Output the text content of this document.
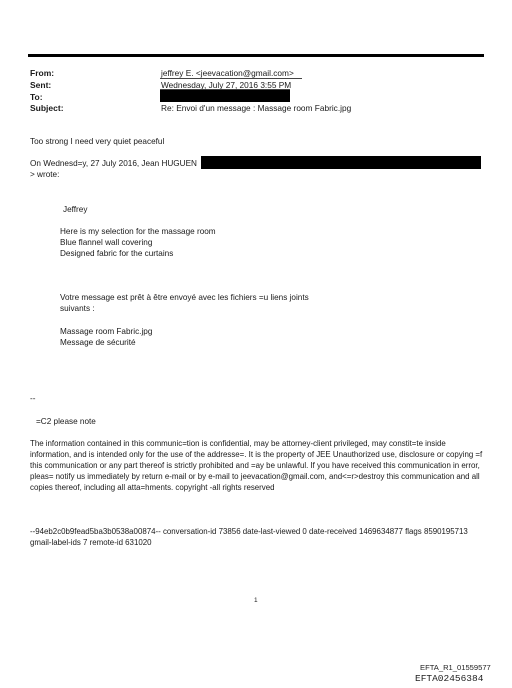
From:
Sent:
To:
Subject:
jeffrey E. <jeevacation@gmail.com>
Wednesday, July 27, 2016 3:55 PM
Re: Envoi d'un message : Massage room Fabric.jpg
Too strong I need very quiet peaceful
On Wednesd=y, 27 July 2016, Jean HUGUEN
> wrote:
Jeffrey
Here is my selection for the massage room
Blue flannel wall covering
Designed fabric for the curtains
Votre message est prêt à être envoyé avec les fichiers =u liens joints
suivants :
Massage room Fabric.jpg
Message de sécurité
--
=C2 please note
The information contained in this communic=tion is confidential, may be attorney-client privileged, may constit=te inside information, and is intended only for the use of the addresse=. It is the property of JEE Unauthorized use, disclosure or copying =f this communication or any part thereof is strictly prohibited and =ay be unlawful. If you have received this communication in error, pleas= notify us immediately by return e-mail or by e-mail to jeevacation@gmail.com, and<=r>destroy this communication and all copies thereof, including all atta=hments. copyright -all rights reserved
--94eb2c0b9fead5ba3b0538a00874-- conversation-id 73856 date-last-viewed 0 date-received 1469634877 flags 8590195713 gmail-label-ids 7 remote-id 631020
1
EFTA_R1_01559577
EFTA02456384
